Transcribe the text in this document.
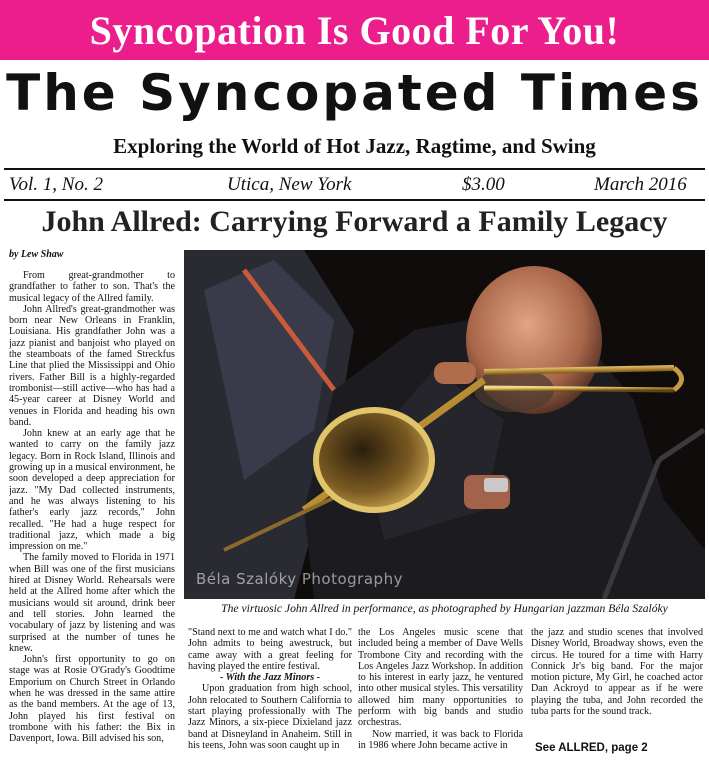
Syncopation Is Good For You!
The Syncopated Times
Exploring the World of Hot Jazz, Ragtime, and Swing
Vol. 1, No. 2	Utica, New York	$3.00	March 2016
John Allred: Carrying Forward a Family Legacy
by Lew Shaw

From great-grandmother to grandfather to father to son. That's the musical legacy of the Allred family.

John Allred's great-grandmother was born near New Orleans in Franklin, Louisiana. His grandfather John was a jazz pianist and banjoist who played on the steamboats of the famed Streckfus Line that plied the Mississippi and Ohio rivers. Father Bill is a highly-regarded trombonist—still active—who has had a 45-year career at Disney World and venues in Florida and heading his own band.

John knew at an early age that he wanted to carry on the family jazz legacy. Born in Rock Island, Illinois and growing up in a musical environment, he soon developed a deep appreciation for jazz. "My Dad collected instruments, and he was always listening to his father's early jazz records," John recalled. "He had a huge respect for traditional jazz, which made a big impression on me."

The family moved to Florida in 1971 when Bill was one of the first musicians hired at Disney World. Rehearsals were held at the Allred home after which the musicians would sit around, drink beer and tell stories. John learned the vocabulary of jazz by listening and was surprised at the number of tunes he knew.

John's first opportunity to go on stage was at Rosie O'Grady's Goodtime Emporium on Church Street in Orlando when he was dressed in the same attire as the band members. At the age of 13, John played his first festival on trombone with his father: the Bix in Davenport, Iowa. Bill advised his son,

Béla Szalóky Photography
The virtuosic John Allred in performance, as photographed by Hungarian jazzman Béla Szalóky

"Stand next to me and watch what I do." John admits to being awestruck, but came away with a great feeling for having played the entire festival.

- With the Jazz Minors -

Upon graduation from high school, John relocated to Southern California to start playing professionally with The Jazz Minors, a six-piece Dixieland jazz band at Disneyland in Anaheim. Still in his teens, John was soon caught up in

the Los Angeles music scene that included being a member of Dave Wells Trombone City and recording with the Los Angeles Jazz Workshop. In addition to his interest in early jazz, he ventured into other musical styles. This versatility allowed him many opportunities to perform with big bands and studio orchestras.

Now married, it was back to Florida in 1986 where John became active in

the jazz and studio scenes that involved Disney World, Broadway shows, even the circus. He toured for a time with Harry Connick Jr's big band. For the major motion picture, My Girl, he coached actor Dan Ackroyd to appear as if he were playing the tuba, and John recorded the tuba parts for the sound track.

See ALLRED, page 2
